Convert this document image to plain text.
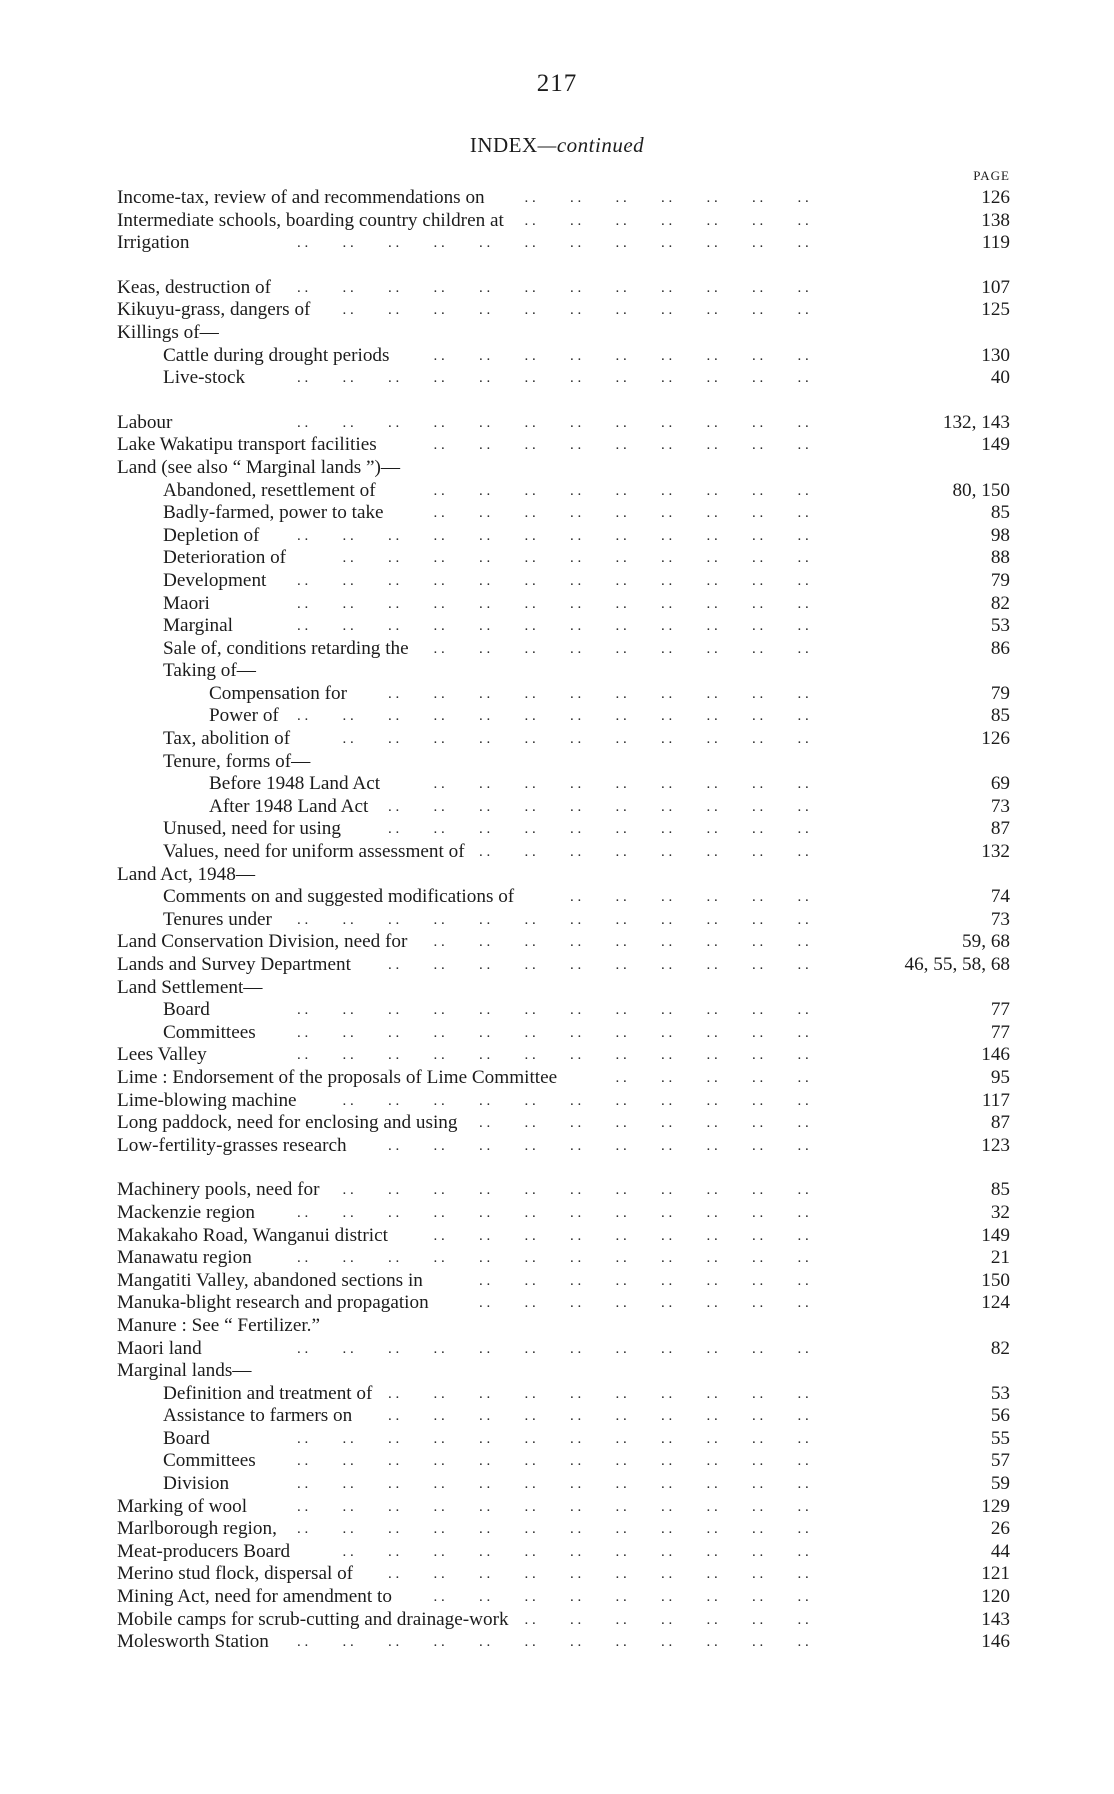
217
INDEX—continued
PAGE
Income-tax, review of and recommendations on	126
. . . . . . . . . . . . . .
Intermediate schools, boarding country children at	138
. . . . . . . . . . . . . .
Irrigation	119
. . . . . . . . . . . . . . . . . . . . . . . .
Keas, destruction of	107
. . . . . . . . . . . . . . . . . . . . . . . .
Kikuyu-grass, dangers of	125
. . . . . . . . . . . . . . . . . . . . . .
Killings of—
Cattle during drought periods	130
. . . . . . . . . . . . . . . . . .
Live-stock	40
. . . . . . . . . . . . . . . . . . . . . . . .
Labour	132, 143
. . . . . . . . . . . . . . . . . . . . . . . .
Lake Wakatipu transport facilities	149
. . . . . . . . . . . . . . . . . .
Land (see also “ Marginal lands ”)—
Abandoned, resettlement of	80, 150
. . . . . . . . . . . . . . . . . .
Badly-farmed, power to take	85
. . . . . . . . . . . . . . . . . .
Depletion of	98
. . . . . . . . . . . . . . . . . . . . . . . .
Deterioration of	88
. . . . . . . . . . . . . . . . . . . . . .
Development	79
. . . . . . . . . . . . . . . . . . . . . . . .
Maori	82
. . . . . . . . . . . . . . . . . . . . . . . .
Marginal	53
. . . . . . . . . . . . . . . . . . . . . . . .
Sale of, conditions retarding the	86
. . . . . . . . . . . . . . . . . .
Taking of—
Compensation for	79
. . . . . . . . . . . . . . . . . . . .
Power of	85
. . . . . . . . . . . . . . . . . . . . . . . .
Tax, abolition of	126
. . . . . . . . . . . . . . . . . . . . . .
Tenure, forms of—
Before 1948 Land Act	69
. . . . . . . . . . . . . . . . . .
After 1948 Land Act	73
. . . . . . . . . . . . . . . . . . . .
Unused, need for using	87
. . . . . . . . . . . . . . . . . . . .
Values, need for uniform assessment of	132
. . . . . . . . . . . . . . . .
Land Act, 1948—
Comments on and suggested modifications of	74
. . . . . . . . . . . .
Tenures under	73
. . . . . . . . . . . . . . . . . . . . . . . .
Land Conservation Division, need for	59, 68
. . . . . . . . . . . . . . . . . .
Lands and Survey Department	46, 55, 58, 68
. . . . . . . . . . . . . . . . . . . .
Land Settlement—
Board	77
. . . . . . . . . . . . . . . . . . . . . . . .
Committees	77
. . . . . . . . . . . . . . . . . . . . . . . .
Lees Valley	146
. . . . . . . . . . . . . . . . . . . . . . . .
Lime : Endorsement of the proposals of Lime Committee	95
. . . . . . . . . .
Lime-blowing machine	117
. . . . . . . . . . . . . . . . . . . . . .
Long paddock, need for enclosing and using	87
. . . . . . . . . . . . . . . .
Low-fertility-grasses research	123
. . . . . . . . . . . . . . . . . . . .
Machinery pools, need for	85
. . . . . . . . . . . . . . . . . . . . . .
Mackenzie region	32
. . . . . . . . . . . . . . . . . . . . . . . .
Makakaho Road, Wanganui district	149
. . . . . . . . . . . . . . . . . .
Manawatu region	21
. . . . . . . . . . . . . . . . . . . . . . . .
Mangatiti Valley, abandoned sections in	150
. . . . . . . . . . . . . . . .
Manuka-blight research and propagation	124
. . . . . . . . . . . . . . . .
Manure : See “ Fertilizer.”
Maori land	82
. . . . . . . . . . . . . . . . . . . . . . . .
Marginal lands—
Definition and treatment of	53
. . . . . . . . . . . . . . . . . . . .
Assistance to farmers on	56
. . . . . . . . . . . . . . . . . . . .
Board	55
. . . . . . . . . . . . . . . . . . . . . . . .
Committees	57
. . . . . . . . . . . . . . . . . . . . . . . .
Division	59
. . . . . . . . . . . . . . . . . . . . . . . .
Marking of wool	129
. . . . . . . . . . . . . . . . . . . . . . . .
Marlborough region,	26
. . . . . . . . . . . . . . . . . . . . . . . .
Meat-producers Board	44
. . . . . . . . . . . . . . . . . . . . . .
Merino stud flock, dispersal of	121
. . . . . . . . . . . . . . . . . . . .
Mining Act, need for amendment to	120
. . . . . . . . . . . . . . . . . .
Mobile camps for scrub-cutting and drainage-work	143
. . . . . . . . . . . . . .
Molesworth Station	146
. . . . . . . . . . . . . . . . . . . . . . . .
